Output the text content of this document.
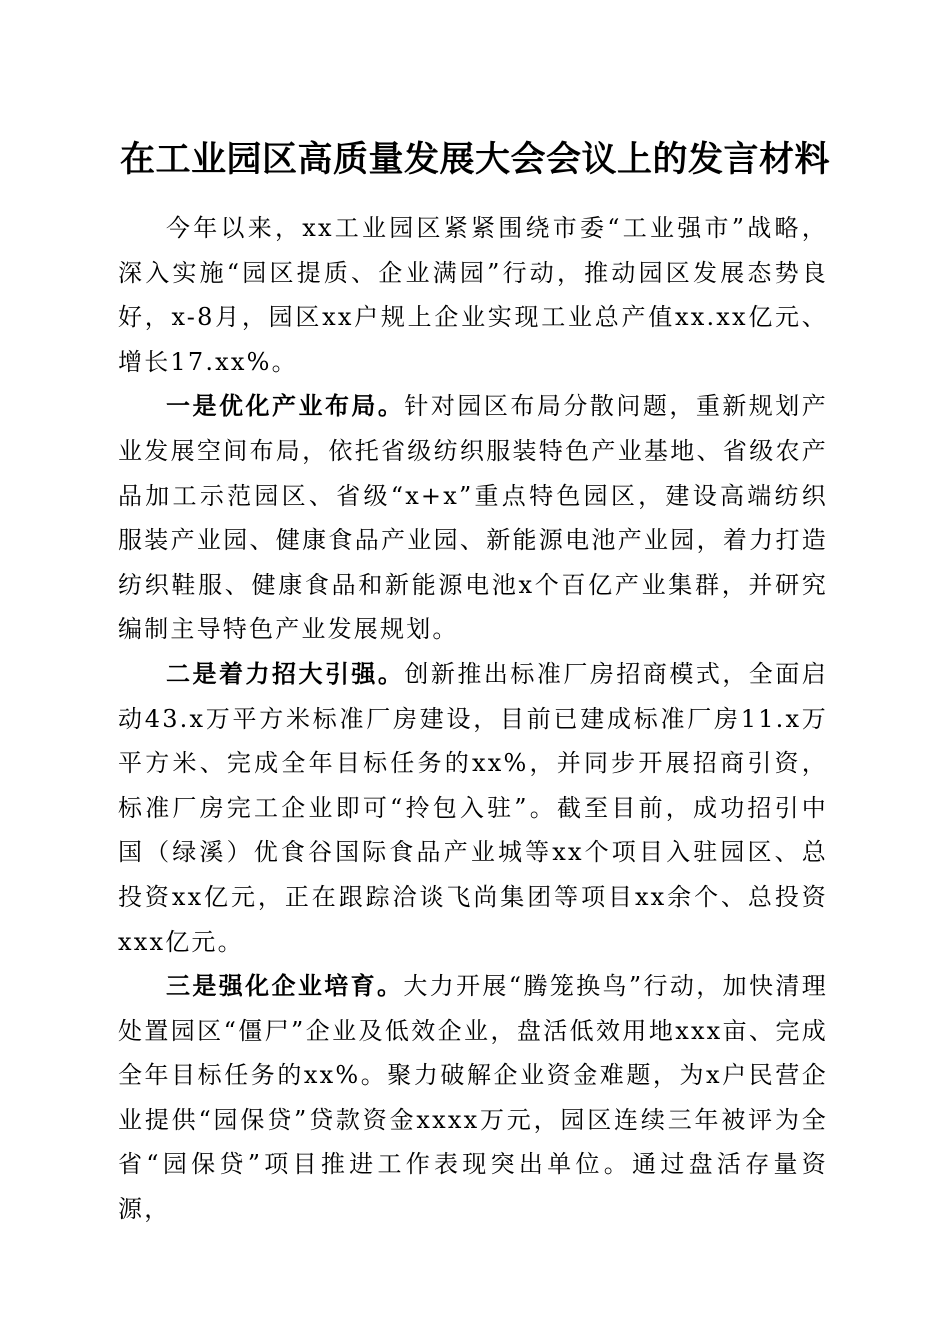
在工业园区高质量发展大会会议上的发言材料

今年以来，xx工业园区紧紧围绕市委“工业强市”战略，深入实施“园区提质、企业满园”行动，推动园区发展态势良好，x-8月，园区xx户规上企业实现工业总产值xx.xx亿元、增长17.xx%。

一是优化产业布局。针对园区布局分散问题，重新规划产业发展空间布局，依托省级纺织服装特色产业基地、省级农产品加工示范园区、省级“x+x”重点特色园区，建设高端纺织服装产业园、健康食品产业园、新能源电池产业园，着力打造纺织鞋服、健康食品和新能源电池x个百亿产业集群，并研究编制主导特色产业发展规划。

二是着力招大引强。创新推出标准厂房招商模式，全面启动43.x万平方米标准厂房建设，目前已建成标准厂房11.x万平方米、完成全年目标任务的xx%，并同步开展招商引资，标准厂房完工企业即可“拎包入驻”。截至目前，成功招引中国（绿溪）优食谷国际食品产业城等xx个项目入驻园区、总投资xx亿元，正在跟踪洽谈飞尚集团等项目xx余个、总投资xxx亿元。

三是强化企业培育。大力开展“腾笼换鸟”行动，加快清理处置园区“僵尸”企业及低效企业，盘活低效用地xxx亩、完成全年目标任务的xx%。聚力破解企业资金难题，为x户民营企业提供“园保贷”贷款资金xxxx万元，园区连续三年被评为全省“园保贷”项目推进工作表现突出单位。通过盘活存量资源，
